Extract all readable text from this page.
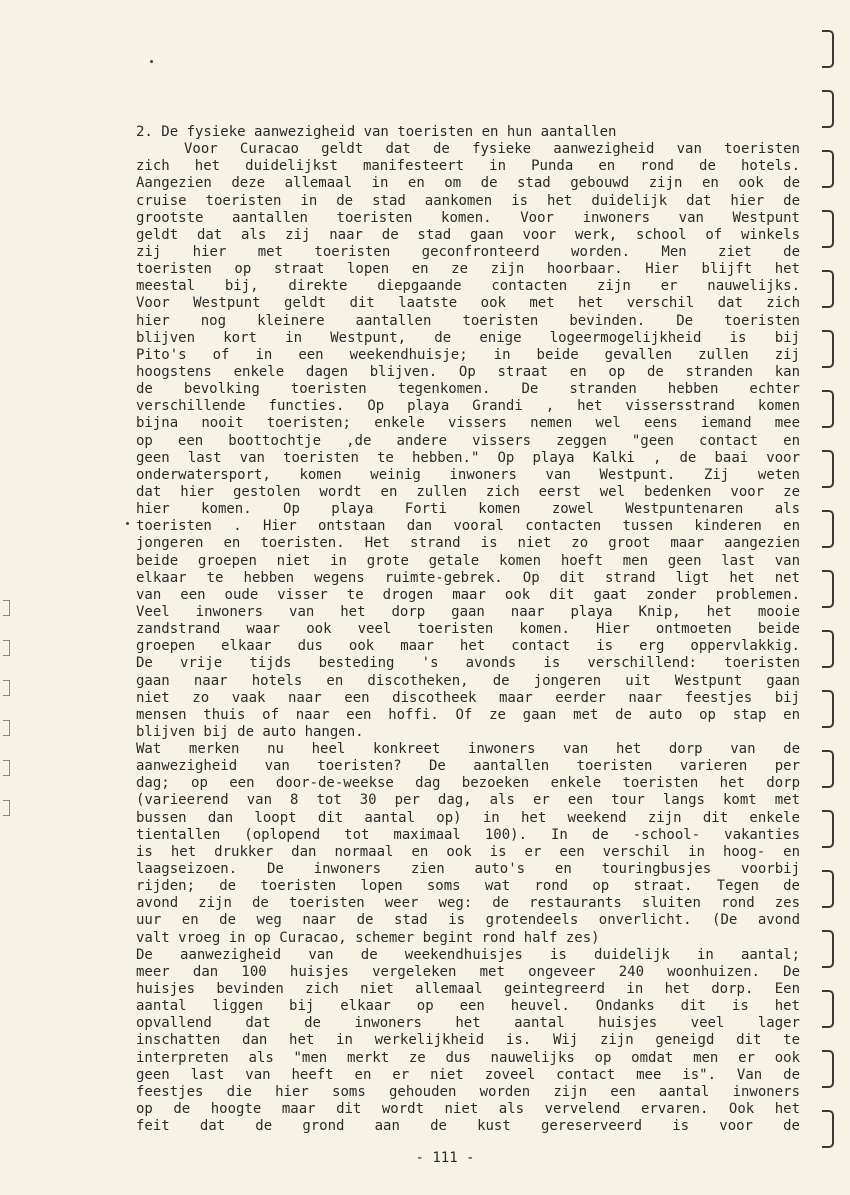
2. De fysieke aanwezigheid van toeristen en hun aantallen
Voor Curacao geldt dat de fysieke aanwezigheid van toeristen
zich het duidelijkst manifesteert in Punda en rond de hotels.
Aangezien deze allemaal in en om de stad gebouwd zijn en ook de
cruise toeristen in de stad aankomen is het duidelijk dat hier de
grootste aantallen toeristen komen. Voor inwoners van Westpunt
geldt dat als zij naar de stad gaan voor werk, school of winkels
zij hier met toeristen geconfronteerd worden. Men ziet de
toeristen op straat lopen en ze zijn hoorbaar. Hier blijft het
meestal bij, direkte diepgaande contacten zijn er nauwelijks.
Voor Westpunt geldt dit laatste ook met het verschil dat zich
hier nog kleinere aantallen toeristen bevinden. De toeristen
blijven kort in Westpunt, de enige logeermogelijkheid is bij
Pito's of in een weekendhuisje; in beide gevallen zullen zij
hoogstens enkele dagen blijven. Op straat en op de stranden kan
de bevolking toeristen tegenkomen. De stranden hebben echter
verschillende functies. Op playa Grandi , het vissersstrand komen
bijna nooit toeristen; enkele vissers nemen wel eens iemand mee
op een boottochtje ,de andere vissers zeggen "geen contact en
geen last van toeristen te hebben." Op playa Kalki , de baai voor
onderwatersport, komen weinig inwoners van Westpunt. Zij weten
dat hier gestolen wordt en zullen zich eerst wel bedenken voor ze
hier komen. Op playa Forti komen zowel Westpuntenaren als
toeristen . Hier ontstaan dan vooral contacten tussen kinderen en
jongeren en toeristen. Het strand is niet zo groot maar aangezien
beide groepen niet in grote getale komen hoeft men geen last van
elkaar te hebben wegens ruimte-gebrek. Op dit strand ligt het net
van een oude visser te drogen maar ook dit gaat zonder problemen.
Veel inwoners van het dorp gaan naar playa Knip, het mooie
zandstrand waar ook veel toeristen komen. Hier ontmoeten beide
groepen elkaar dus ook maar het contact is erg oppervlakkig.
De vrije tijds besteding 's avonds is verschillend: toeristen
gaan naar hotels en discotheken, de jongeren uit Westpunt gaan
niet zo vaak naar een discotheek maar eerder naar feestjes bij
mensen thuis of naar een hoffi. Of ze gaan met de auto op stap en
blijven bij de auto hangen.
Wat merken nu heel konkreet inwoners van het dorp van de
aanwezigheid van toeristen? De aantallen toeristen varieren per
dag; op een door-de-weekse dag bezoeken enkele toeristen het dorp
(varieerend van 8 tot 30 per dag, als er een tour langs komt met
bussen dan loopt dit aantal op) in het weekend zijn dit enkele
tientallen (oplopend tot maximaal 100). In de -school- vakanties
is het drukker dan normaal en ook is er een verschil in hoog- en
laagseizoen. De inwoners zien auto's en touringbusjes voorbij
rijden; de toeristen lopen soms wat rond op straat. Tegen de
avond zijn de toeristen weer weg: de restaurants sluiten rond zes
uur en de weg naar de stad is grotendeels onverlicht. (De avond
valt vroeg in op Curacao, schemer begint rond half zes)
De aanwezigheid van de weekendhuisjes is duidelijk in aantal;
meer dan 100 huisjes vergeleken met ongeveer 240 woonhuizen. De
huisjes bevinden zich niet allemaal geintegreerd in het dorp. Een
aantal liggen bij elkaar op een heuvel. Ondanks dit is het
opvallend dat de inwoners het aantal huisjes veel lager
inschatten dan het in werkelijkheid is. Wij zijn geneigd dit te
interpreten als "men merkt ze dus nauwelijks op omdat men er ook
geen last van heeft en er niet zoveel contact mee is". Van de
feestjes die hier soms gehouden worden zijn een aantal inwoners
op de hoogte maar dit wordt niet als vervelend ervaren. Ook het
feit dat de grond aan de kust gereserveerd is voor de
- 111 -
